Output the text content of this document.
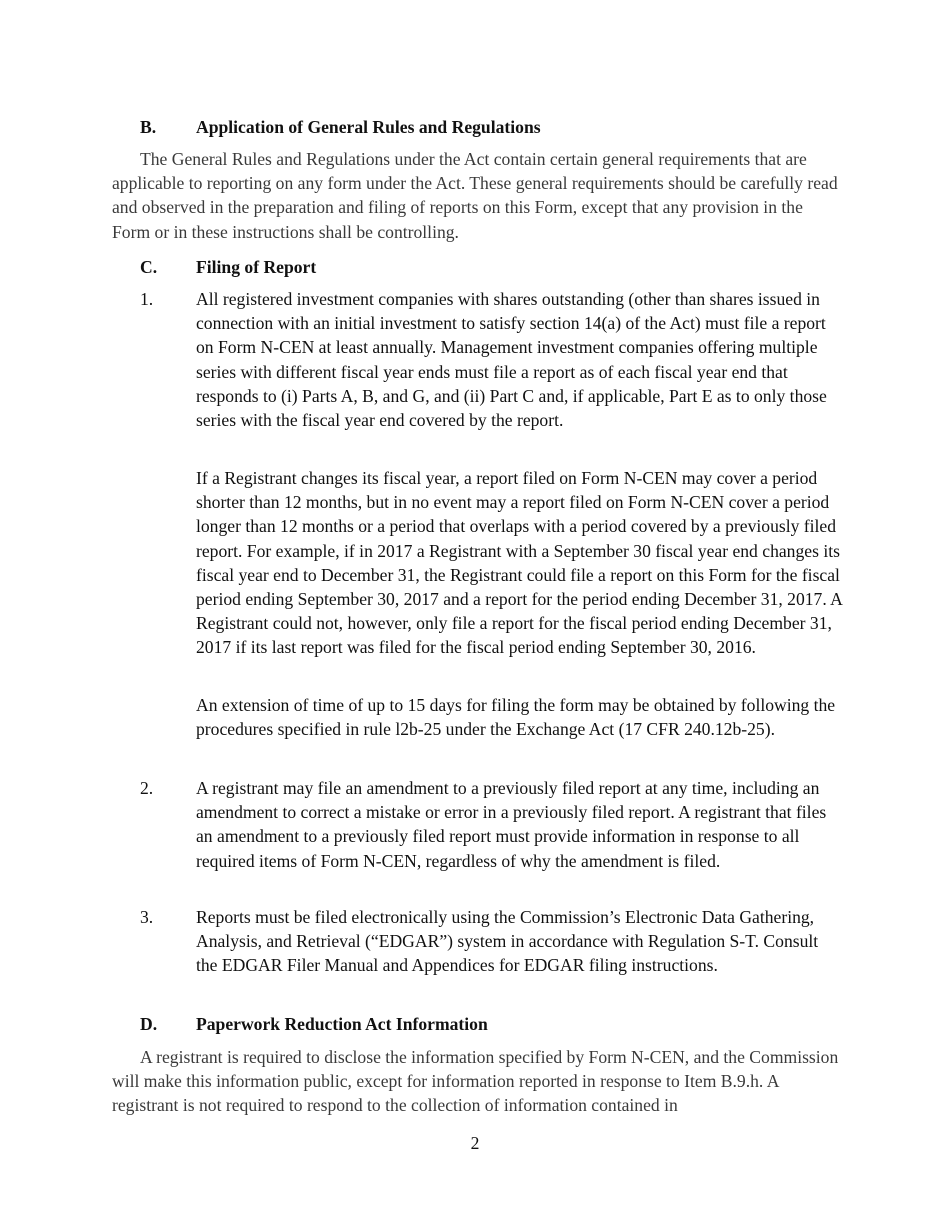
B. Application of General Rules and Regulations
The General Rules and Regulations under the Act contain certain general requirements that are applicable to reporting on any form under the Act. These general requirements should be carefully read and observed in the preparation and filing of reports on this Form, except that any provision in the Form or in these instructions shall be controlling.
C. Filing of Report
1. All registered investment companies with shares outstanding (other than shares issued in connection with an initial investment to satisfy section 14(a) of the Act) must file a report on Form N-CEN at least annually. Management investment companies offering multiple series with different fiscal year ends must file a report as of each fiscal year end that responds to (i) Parts A, B, and G, and (ii) Part C and, if applicable, Part E as to only those series with the fiscal year end covered by the report.
If a Registrant changes its fiscal year, a report filed on Form N-CEN may cover a period shorter than 12 months, but in no event may a report filed on Form N-CEN cover a period longer than 12 months or a period that overlaps with a period covered by a previously filed report. For example, if in 2017 a Registrant with a September 30 fiscal year end changes its fiscal year end to December 31, the Registrant could file a report on this Form for the fiscal period ending September 30, 2017 and a report for the period ending December 31, 2017. A Registrant could not, however, only file a report for the fiscal period ending December 31, 2017 if its last report was filed for the fiscal period ending September 30, 2016.
An extension of time of up to 15 days for filing the form may be obtained by following the procedures specified in rule l2b-25 under the Exchange Act (17 CFR 240.12b-25).
2. A registrant may file an amendment to a previously filed report at any time, including an amendment to correct a mistake or error in a previously filed report. A registrant that files an amendment to a previously filed report must provide information in response to all required items of Form N-CEN, regardless of why the amendment is filed.
3. Reports must be filed electronically using the Commission’s Electronic Data Gathering, Analysis, and Retrieval (“EDGAR”) system in accordance with Regulation S-T. Consult the EDGAR Filer Manual and Appendices for EDGAR filing instructions.
D. Paperwork Reduction Act Information
A registrant is required to disclose the information specified by Form N-CEN, and the Commission will make this information public, except for information reported in response to Item B.9.h. A registrant is not required to respond to the collection of information contained in
2
